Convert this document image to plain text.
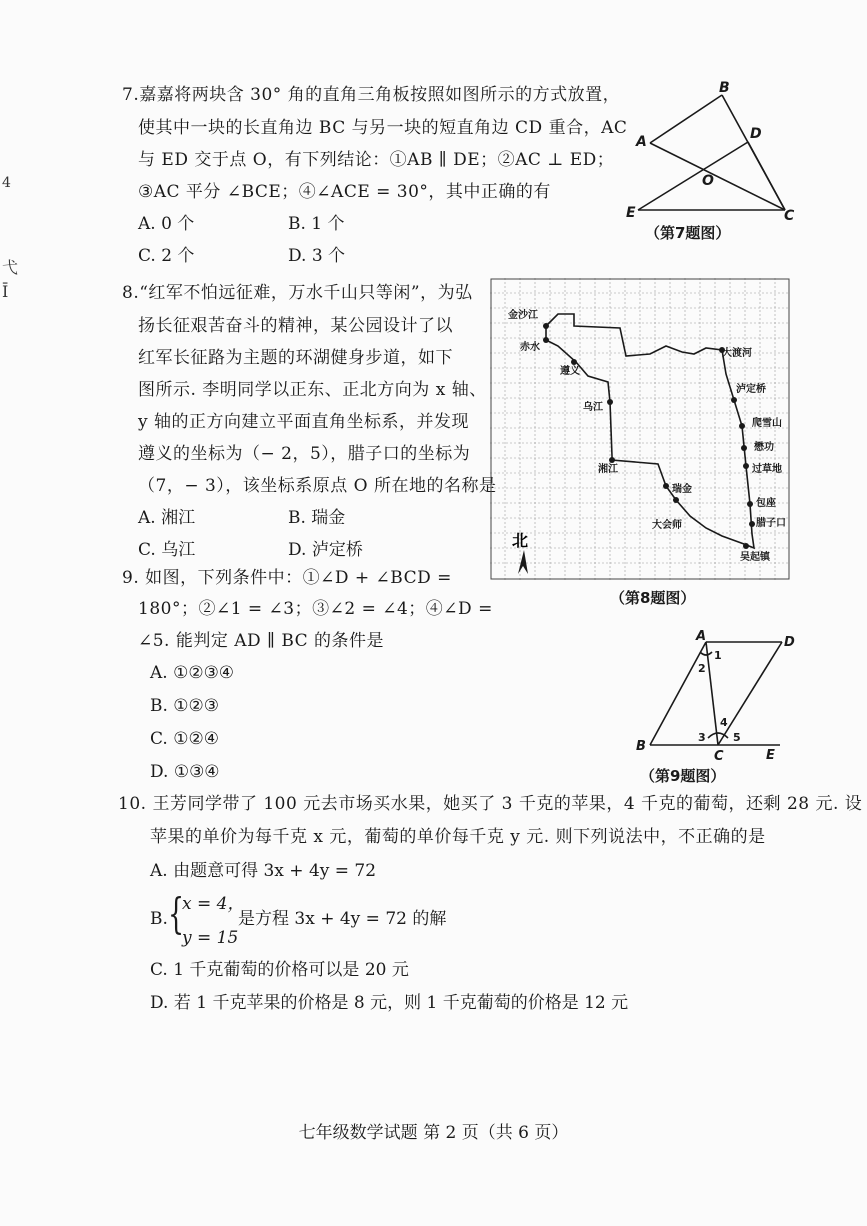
4
弋
Ī
7.嘉嘉将两块含 30° 角的直角三角板按照如图所示的方式放置，
使其中一块的长直角边 BC 与另一块的短直角边 CD 重合，AC
与 ED 交于点 O，有下列结论：①AB ∥ DE；②AC ⊥ ED；
③AC 平分 ∠BCE；④∠ACE = 30°，其中正确的有
A. 0 个	B. 1 个
C. 2 个	D. 3 个
B
A	D
O
E	C
（第7题图）
8.“红军不怕远征难，万水千山只等闲”，为弘
扬长征艰苦奋斗的精神，某公园设计了以
红军长征路为主题的环湖健身步道，如下
图所示. 李明同学以正东、正北方向为 x 轴、
y 轴的正方向建立平面直角坐标系，并发现
遵义的坐标为（− 2，5），腊子口的坐标为
（7，− 3），该坐标系原点 O 所在地的名称是
A. 湘江	B. 瑞金
C. 乌江	D. 泸定桥
金沙江
赤水
遵义
乌江
湘江
瑞金
大会师
大渡河
泸定桥
爬雪山
懋功
过草地
包座
腊子口
吴起镇
北
（第8题图）
9. 如图，下列条件中：①∠D + ∠BCD =
180°；②∠1 = ∠3；③∠2 = ∠4；④∠D =
∠5. 能判定 AD ∥ BC 的条件是
A. ①②③④
B. ①②③
C. ①②④
D. ①③④
A	D
1
2
4
3 5
B
C	E
（第9题图）
10. 王芳同学带了 100 元去市场买水果，她买了 3 千克的苹果，4 千克的葡萄，还剩 28 元. 设
苹果的单价为每千克 x 元，葡萄的单价每千克 y 元. 则下列说法中，不正确的是
A. 由题意可得 3x + 4y = 72
B. {
x = 4，
y = 15
是方程 3x + 4y = 72 的解
C. 1 千克葡萄的价格可以是 20 元
D. 若 1 千克苹果的价格是 8 元，则 1 千克葡萄的价格是 12 元
七年级数学试题 第 2 页（共 6 页）
